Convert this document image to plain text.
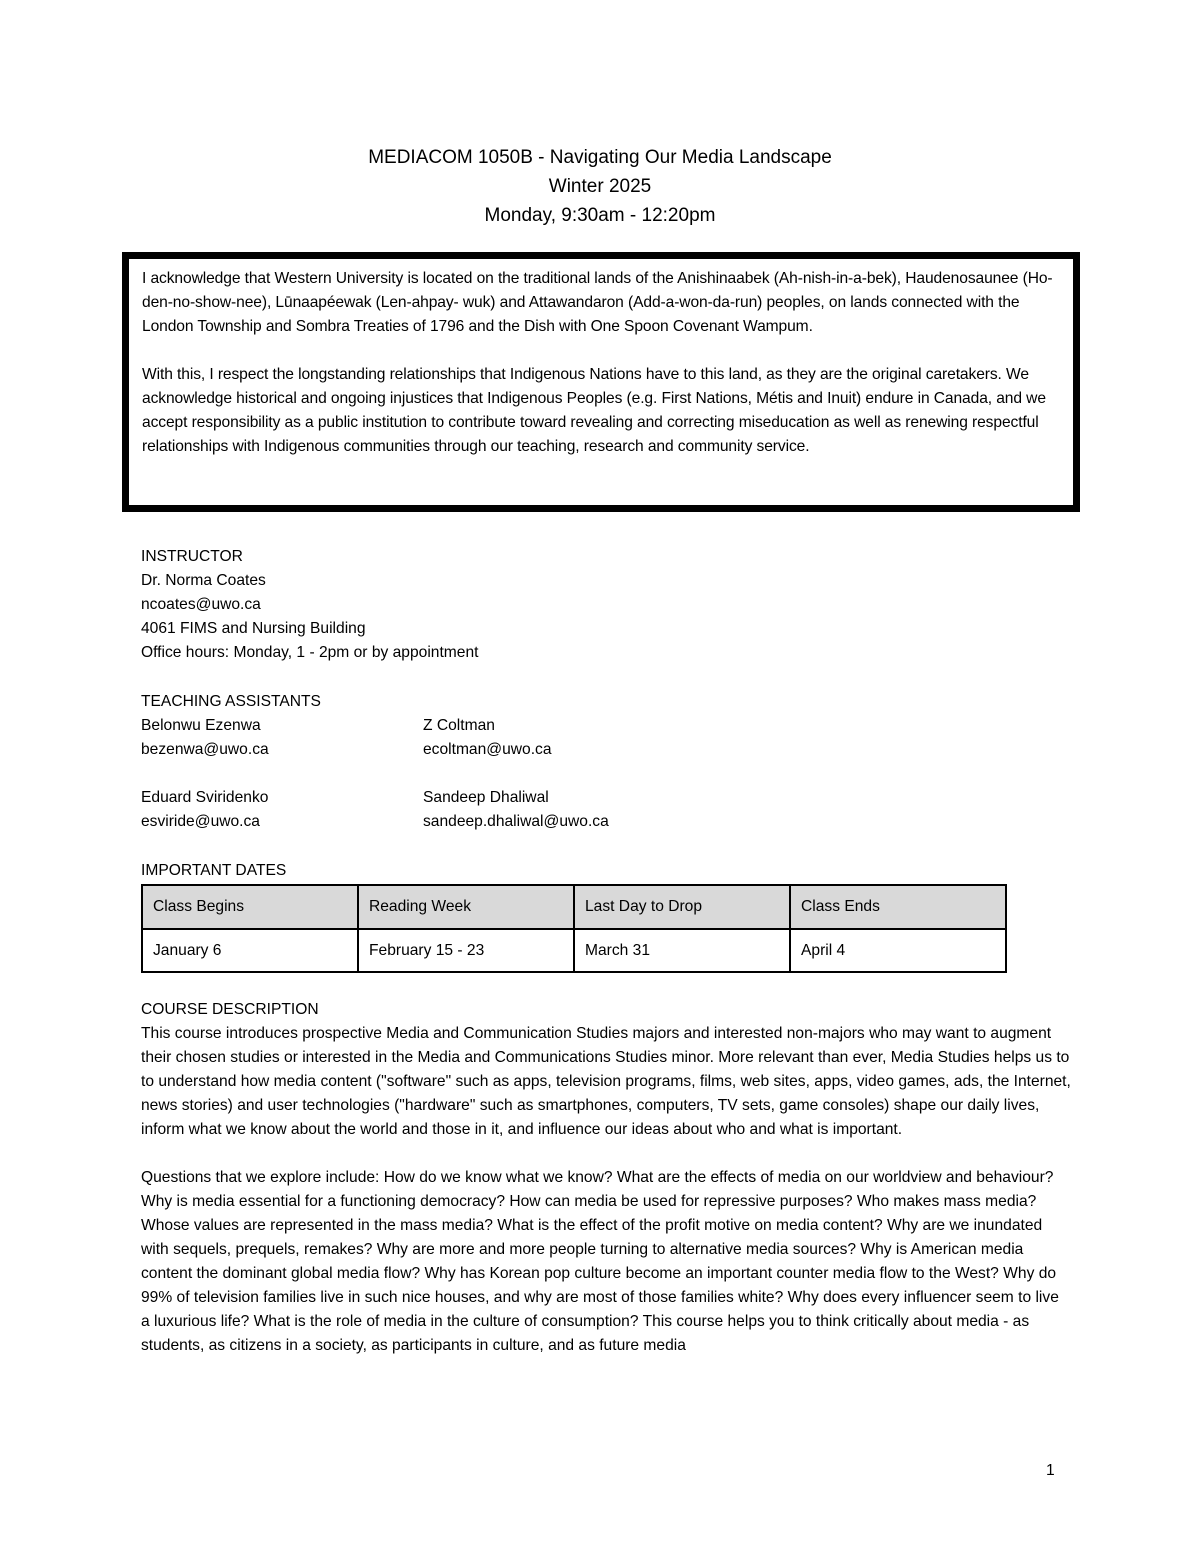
MEDIACOM 1050B - Navigating Our Media Landscape
Winter 2025
Monday, 9:30am - 12:20pm

I acknowledge that Western University is located on the traditional lands of the Anishinaabek (Ah-nish-in-a-bek), Haudenosaunee (Ho-den-no-show-nee), Lūnaapéewak (Len-ahpay- wuk) and Attawandaron (Add-a-won-da-run) peoples, on lands connected with the London Township and Sombra Treaties of 1796 and the Dish with One Spoon Covenant Wampum.

With this, I respect the longstanding relationships that Indigenous Nations have to this land, as they are the original caretakers. We acknowledge historical and ongoing injustices that Indigenous Peoples (e.g. First Nations, Métis and Inuit) endure in Canada, and we accept responsibility as a public institution to contribute toward revealing and correcting miseducation as well as renewing respectful relationships with Indigenous communities through our teaching, research and community service.

INSTRUCTOR
Dr. Norma Coates
ncoates@uwo.ca
4061 FIMS and Nursing Building
Office hours: Monday, 1 - 2pm or by appointment
TEACHING ASSISTANTS
Belonwu Ezenwa	Z Coltman
bezenwa@uwo.ca	ecoltman@uwo.ca
Eduard Sviridenko	Sandeep Dhaliwal
esviride@uwo.ca	sandeep.dhaliwal@uwo.ca
IMPORTANT DATES
Class Begins	Reading Week	Last Day to Drop	Class Ends
January 6	February 15 - 23	March 31	April 4
COURSE DESCRIPTION

This course introduces prospective Media and Communication Studies majors and interested non-majors who may want to augment their chosen studies or interested in the Media and Communications Studies minor. More relevant than ever, Media Studies helps us to to understand how media content ("software" such as apps, television programs, films, web sites, apps, video games, ads, the Internet, news stories) and user technologies ("hardware" such as smartphones, computers, TV sets, game consoles) shape our daily lives, inform what we know about the world and those in it, and influence our ideas about who and what is important.

Questions that we explore include: How do we know what we know? What are the effects of media on our worldview and behaviour? Why is media essential for a functioning democracy? How can media be used for repressive purposes? Who makes mass media? Whose values are represented in the mass media? What is the effect of the profit motive on media content? Why are we inundated with sequels, prequels, remakes? Why are more and more people turning to alternative media sources? Why is American media content the dominant global media flow? Why has Korean pop culture become an important counter media flow to the West? Why do 99% of television families live in such nice houses, and why are most of those families white? Why does every influencer seem to live a luxurious life? What is the role of media in the culture of consumption? This course helps you to think critically about media - as students, as citizens in a society, as participants in culture, and as future media

1
